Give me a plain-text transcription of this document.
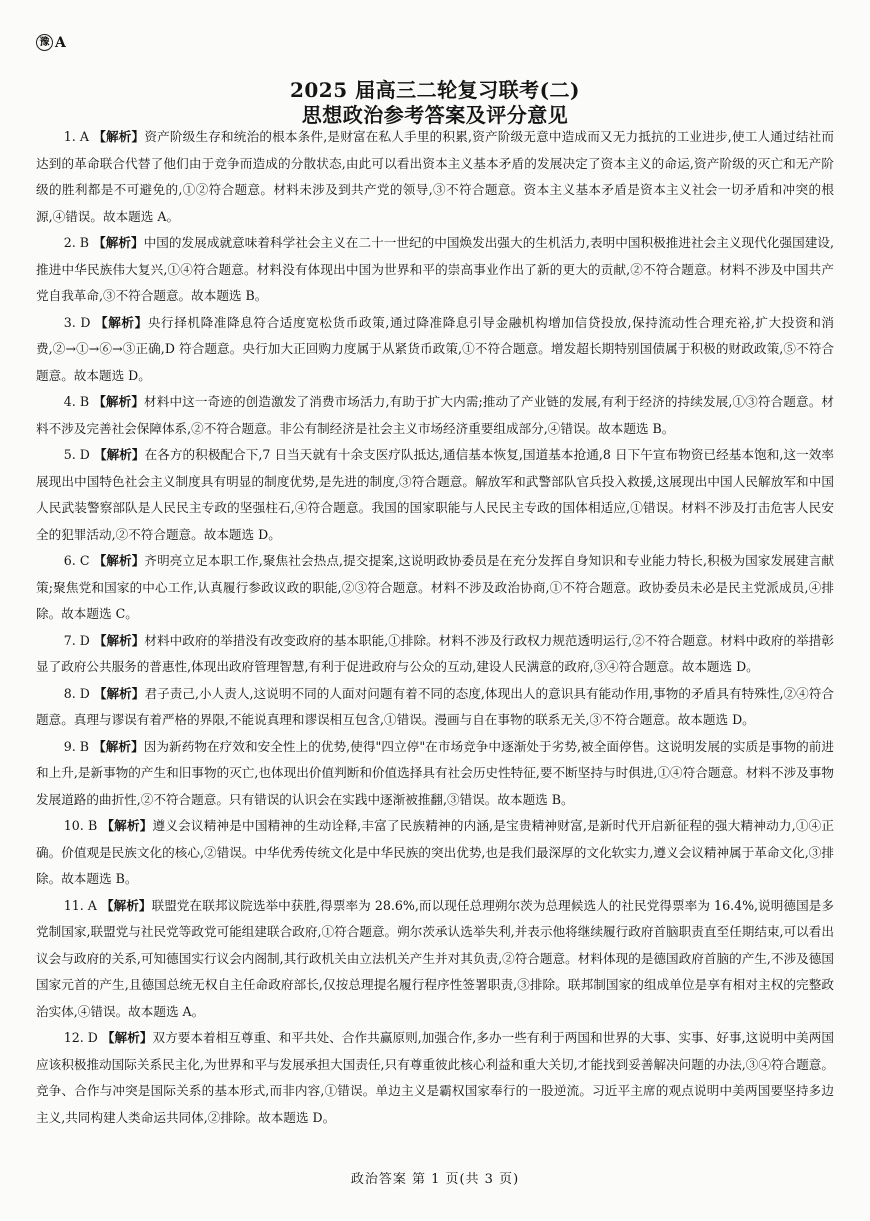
豫 A
2025 届高三二轮复习联考(二)
思想政治参考答案及评分意见

1. A 【解析】资产阶级生存和统治的根本条件,是财富在私人手里的积累,资产阶级无意中造成而又无力抵抗的工业进步,使工人通过结社而达到的革命联合代替了他们由于竞争而造成的分散状态,由此可以看出资本主义基本矛盾的发展决定了资本主义的命运,资产阶级的灭亡和无产阶级的胜利都是不可避免的,①②符合题意。材料未涉及到共产党的领导,③不符合题意。资本主义基本矛盾是资本主义社会一切矛盾和冲突的根源,④错误。故本题选 A。

2. B 【解析】中国的发展成就意味着科学社会主义在二十一世纪的中国焕发出强大的生机活力,表明中国积极推进社会主义现代化强国建设,推进中华民族伟大复兴,①④符合题意。材料没有体现出中国为世界和平的崇高事业作出了新的更大的贡献,②不符合题意。材料不涉及中国共产党自我革命,③不符合题意。故本题选 B。

3. D 【解析】央行择机降准降息符合适度宽松货币政策,通过降准降息引导金融机构增加信贷投放,保持流动性合理充裕,扩大投资和消费,②→①→⑥→③正确,D 符合题意。央行加大正回购力度属于从紧货币政策,①不符合题意。增发超长期特别国债属于积极的财政政策,⑤不符合题意。故本题选 D。

4. B 【解析】材料中这一奇迹的创造激发了消费市场活力,有助于扩大内需;推动了产业链的发展,有利于经济的持续发展,①③符合题意。材料不涉及完善社会保障体系,②不符合题意。非公有制经济是社会主义市场经济重要组成部分,④错误。故本题选 B。

5. D 【解析】在各方的积极配合下,7 日当天就有十余支医疗队抵达,通信基本恢复,国道基本抢通,8 日下午宣布物资已经基本饱和,这一效率展现出中国特色社会主义制度具有明显的制度优势,是先进的制度,③符合题意。解放军和武警部队官兵投入救援,这展现出中国人民解放军和中国人民武装警察部队是人民民主专政的坚强柱石,④符合题意。我国的国家职能与人民民主专政的国体相适应,①错误。材料不涉及打击危害人民安全的犯罪活动,②不符合题意。故本题选 D。

6. C 【解析】齐明亮立足本职工作,聚焦社会热点,提交提案,这说明政协委员是在充分发挥自身知识和专业能力特长,积极为国家发展建言献策;聚焦党和国家的中心工作,认真履行参政议政的职能,②③符合题意。材料不涉及政治协商,①不符合题意。政协委员未必是民主党派成员,④排除。故本题选 C。

7. D 【解析】材料中政府的举措没有改变政府的基本职能,①排除。材料不涉及行政权力规范透明运行,②不符合题意。材料中政府的举措彰显了政府公共服务的普惠性,体现出政府管理智慧,有利于促进政府与公众的互动,建设人民满意的政府,③④符合题意。故本题选 D。

8. D 【解析】君子责己,小人责人,这说明不同的人面对问题有着不同的态度,体现出人的意识具有能动作用,事物的矛盾具有特殊性,②④符合题意。真理与谬误有着严格的界限,不能说真理和谬误相互包含,①错误。漫画与自在事物的联系无关,③不符合题意。故本题选 D。

9. B 【解析】因为新药物在疗效和安全性上的优势,使得"四立停"在市场竞争中逐渐处于劣势,被全面停售。这说明发展的实质是事物的前进和上升,是新事物的产生和旧事物的灭亡,也体现出价值判断和价值选择具有社会历史性特征,要不断坚持与时俱进,①④符合题意。材料不涉及事物发展道路的曲折性,②不符合题意。只有错误的认识会在实践中逐渐被推翻,③错误。故本题选 B。

10. B 【解析】遵义会议精神是中国精神的生动诠释,丰富了民族精神的内涵,是宝贵精神财富,是新时代开启新征程的强大精神动力,①④正确。价值观是民族文化的核心,②错误。中华优秀传统文化是中华民族的突出优势,也是我们最深厚的文化软实力,遵义会议精神属于革命文化,③排除。故本题选 B。

11. A 【解析】联盟党在联邦议院选举中获胜,得票率为 28.6%,而以现任总理朔尔茨为总理候选人的社民党得票率为 16.4%,说明德国是多党制国家,联盟党与社民党等政党可能组建联合政府,①符合题意。朔尔茨承认选举失利,并表示他将继续履行政府首脑职责直至任期结束,可以看出议会与政府的关系,可知德国实行议会内阁制,其行政机关由立法机关产生并对其负责,②符合题意。材料体现的是德国政府首脑的产生,不涉及德国国家元首的产生,且德国总统无权自主任命政府部长,仅按总理提名履行程序性签署职责,③排除。联邦制国家的组成单位是享有相对主权的完整政治实体,④错误。故本题选 A。

12. D 【解析】双方要本着相互尊重、和平共处、合作共赢原则,加强合作,多办一些有利于两国和世界的大事、实事、好事,这说明中美两国应该积极推动国际关系民主化,为世界和平与发展承担大国责任,只有尊重彼此核心利益和重大关切,才能找到妥善解决问题的办法,③④符合题意。竞争、合作与冲突是国际关系的基本形式,而非内容,①错误。单边主义是霸权国家奉行的一股逆流。习近平主席的观点说明中美两国要坚持多边主义,共同构建人类命运共同体,②排除。故本题选 D。

政治答案 第 1 页(共 3 页)
